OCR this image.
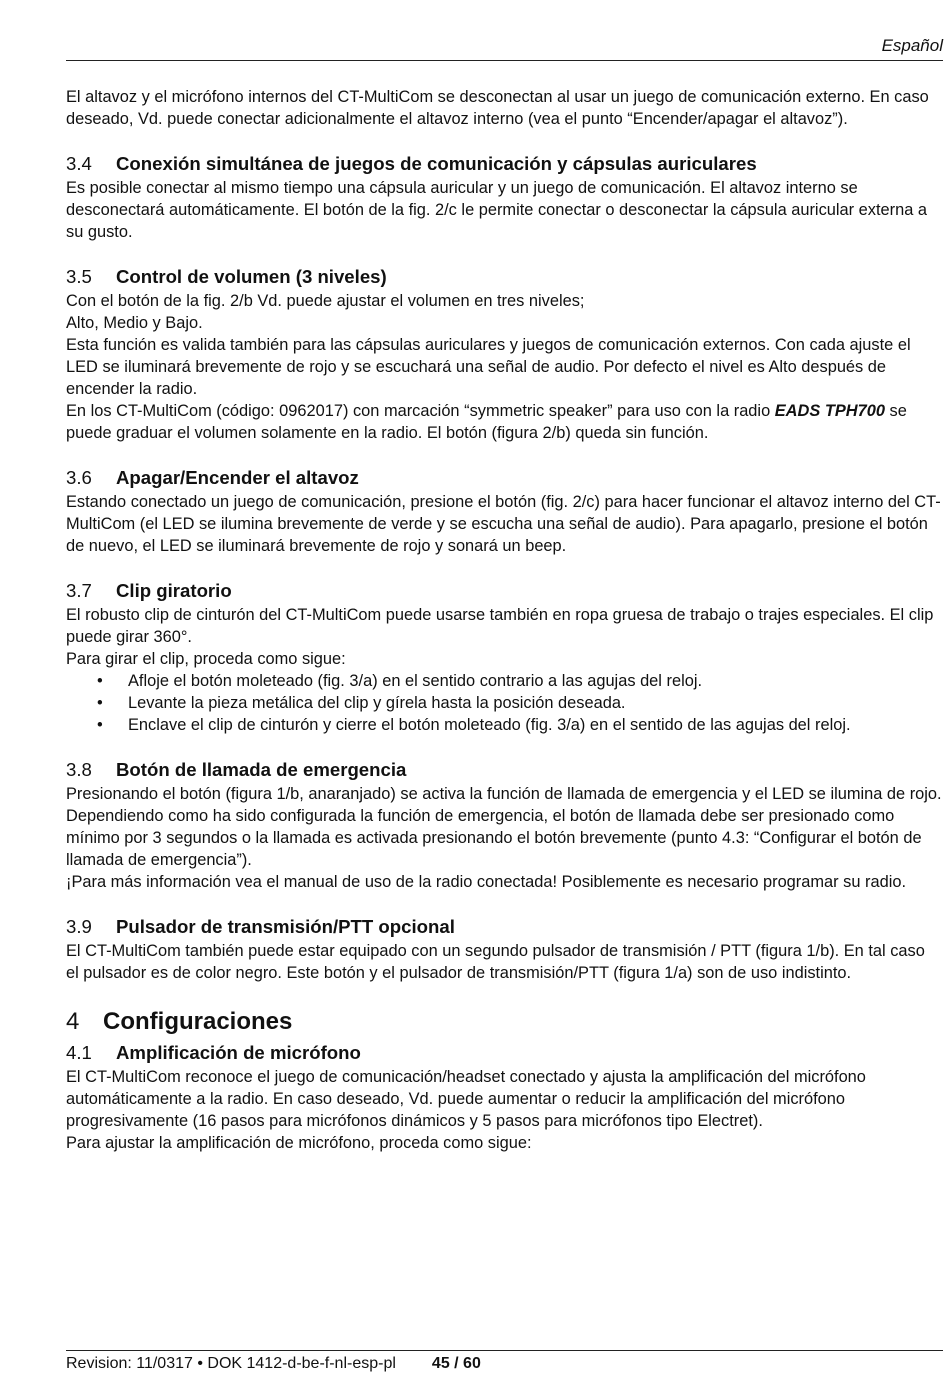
Español

El altavoz y el micrófono internos del CT-MultiCom se desconectan al usar un juego de comunicación externo. En caso deseado, Vd. puede conectar adicionalmente el altavoz interno (vea el punto “Encender/apagar el altavoz”).

3.4 Conexión simultánea de juegos de comunicación y cápsulas auriculares

Es posible conectar al mismo tiempo una cápsula auricular y un juego de comunicación. El altavoz interno se desconectará automáticamente. El botón de la fig. 2/c le permite conectar o desconectar la cápsula auricular externa a su gusto.

3.5 Control de volumen (3 niveles)

Con el botón de la fig. 2/b Vd. puede ajustar el volumen en tres niveles;

Alto, Medio y Bajo.

Esta función es valida también para las cápsulas auriculares y juegos de comunicación externos. Con cada ajuste el LED se iluminará brevemente de rojo y se escuchará una señal de audio. Por defecto el nivel es Alto después de encender la radio.

En los CT-MultiCom (código: 0962017) con marcación “symmetric speaker” para uso con la radio EADS TPH700 se puede graduar el volumen solamente en la radio. El botón (figura 2/b) queda sin función.

3.6 Apagar/Encender el altavoz

Estando conectado un juego de comunicación, presione el botón (fig. 2/c) para hacer funcionar el altavoz interno del CT-MultiCom (el LED se ilumina brevemente de verde y se escucha una señal de audio). Para apagarlo, presione el botón de nuevo, el LED se iluminará brevemente de rojo y sonará un beep.

3.7 Clip giratorio

El robusto clip de cinturón del CT-MultiCom puede usarse también en ropa gruesa de trabajo o trajes especiales. El clip puede girar 360°.

Para girar el clip, proceda como sigue:

• Afloje el botón moleteado (fig. 3/a) en el sentido contrario a las agujas del reloj.
• Levante la pieza metálica del clip y gírela hasta la posición deseada.
• Enclave el clip de cinturón y cierre el botón moleteado (fig. 3/a) en el sentido de las agujas del reloj.
3.8 Botón de llamada de emergencia

Presionando el botón (figura 1/b, anaranjado) se activa la función de llamada de emergencia y el LED se ilumina de rojo. Dependiendo como ha sido configurada la función de emergencia, el botón de llamada debe ser presionado como mínimo por 3 segundos o la llamada es activada presionando el botón brevemente (punto 4.3: “Configurar el botón de llamada de emergencia”).

¡Para más información vea el manual de uso de la radio conectada! Posiblemente es necesario programar su radio.

3.9 Pulsador de transmisión/PTT opcional

El CT-MultiCom también puede estar equipado con un segundo pulsador de transmisión / PTT (figura 1/b). En tal caso el pulsador es de color negro. Este botón y el pulsador de transmisión/PTT (figura 1/a) son de uso indistinto.

4 Configuraciones
4.1 Amplificación de micrófono

El CT-MultiCom reconoce el juego de comunicación/headset conectado y ajusta la amplificación del micrófono automáticamente a la radio. En caso deseado, Vd. puede aumentar o reducir la amplificación del micrófono progresivamente (16 pasos para micrófonos dinámicos y 5 pasos para micrófonos tipo Electret).

Para ajustar la amplificación de micrófono, proceda como sigue:

Revision: 11/0317 • DOK 1412-d-be-f-nl-esp-pl 45 / 60
